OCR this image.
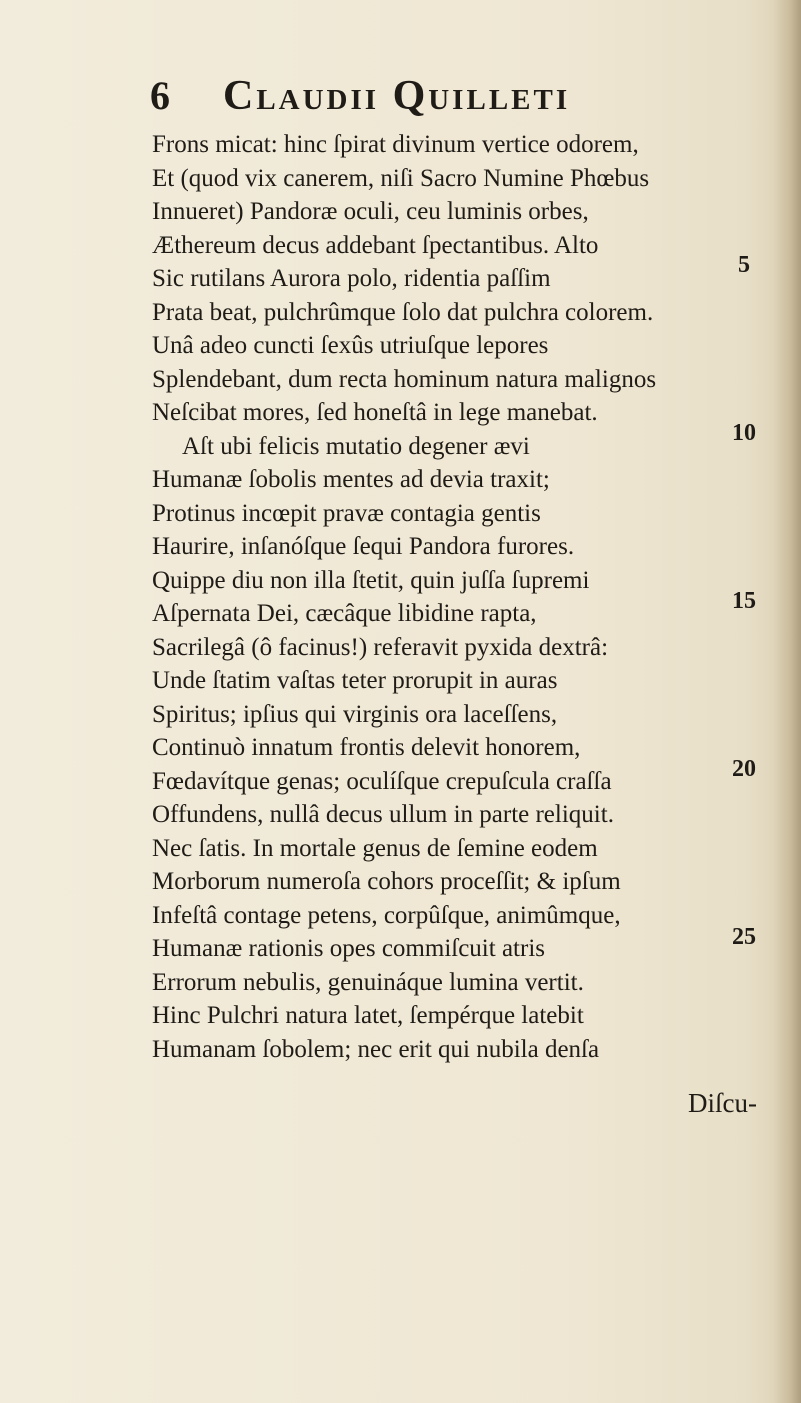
6 Claudii Quilleti
Frons micat: hinc ſpirat divinum vertice odorem,
Et (quod vix canerem, niſi Sacro Numine Phœbus
Innueret) Pandoræ oculi, ceu luminis orbes,
Æthereum decus addebant ſpectantibus. Alto
Sic rutilans Aurora polo, ridentia paſſim
Prata beat, pulchrûmque ſolo dat pulchra colorem.
Unâ adeo cuncti ſexûs utriuſque lepores
Splendebant, dum recta hominum natura malignos
Neſcibat mores, ſed honeſtâ in lege manebat.
Aſt ubi felicis mutatio degener ævi
Humanæ ſobolis mentes ad devia traxit;
Protinus incœpit pravæ contagia gentis
Haurire, inſanóſque ſequi Pandora furores.
Quippe diu non illa ſtetit, quin juſſa ſupremi
Aſpernata Dei, cæcâque libidine rapta,
Sacrilegâ (ô facinus!) referavit pyxida dextrâ:
Unde ſtatim vaſtas teter prorupit in auras
Spiritus; ipſius qui virginis ora laceſſens,
Continuò innatum frontis delevit honorem,
Fœdavítque genas; oculíſque crepuſcula craſſa
Offundens, nullâ decus ullum in parte reliquit.
Nec ſatis. In mortale genus de ſemine eodem
Morborum numeroſa cohors proceſſit; & ipſum
Infeſtâ contage petens, corpûſque, animûmque,
Humanæ rationis opes commiſcuit atris
Errorum nebulis, genuináque lumina vertit.
Hinc Pulchri natura latet, ſempérque latebit
Humanam ſobolem; nec erit qui nubila denſa
5
10
15
20
25
Diſcu-
